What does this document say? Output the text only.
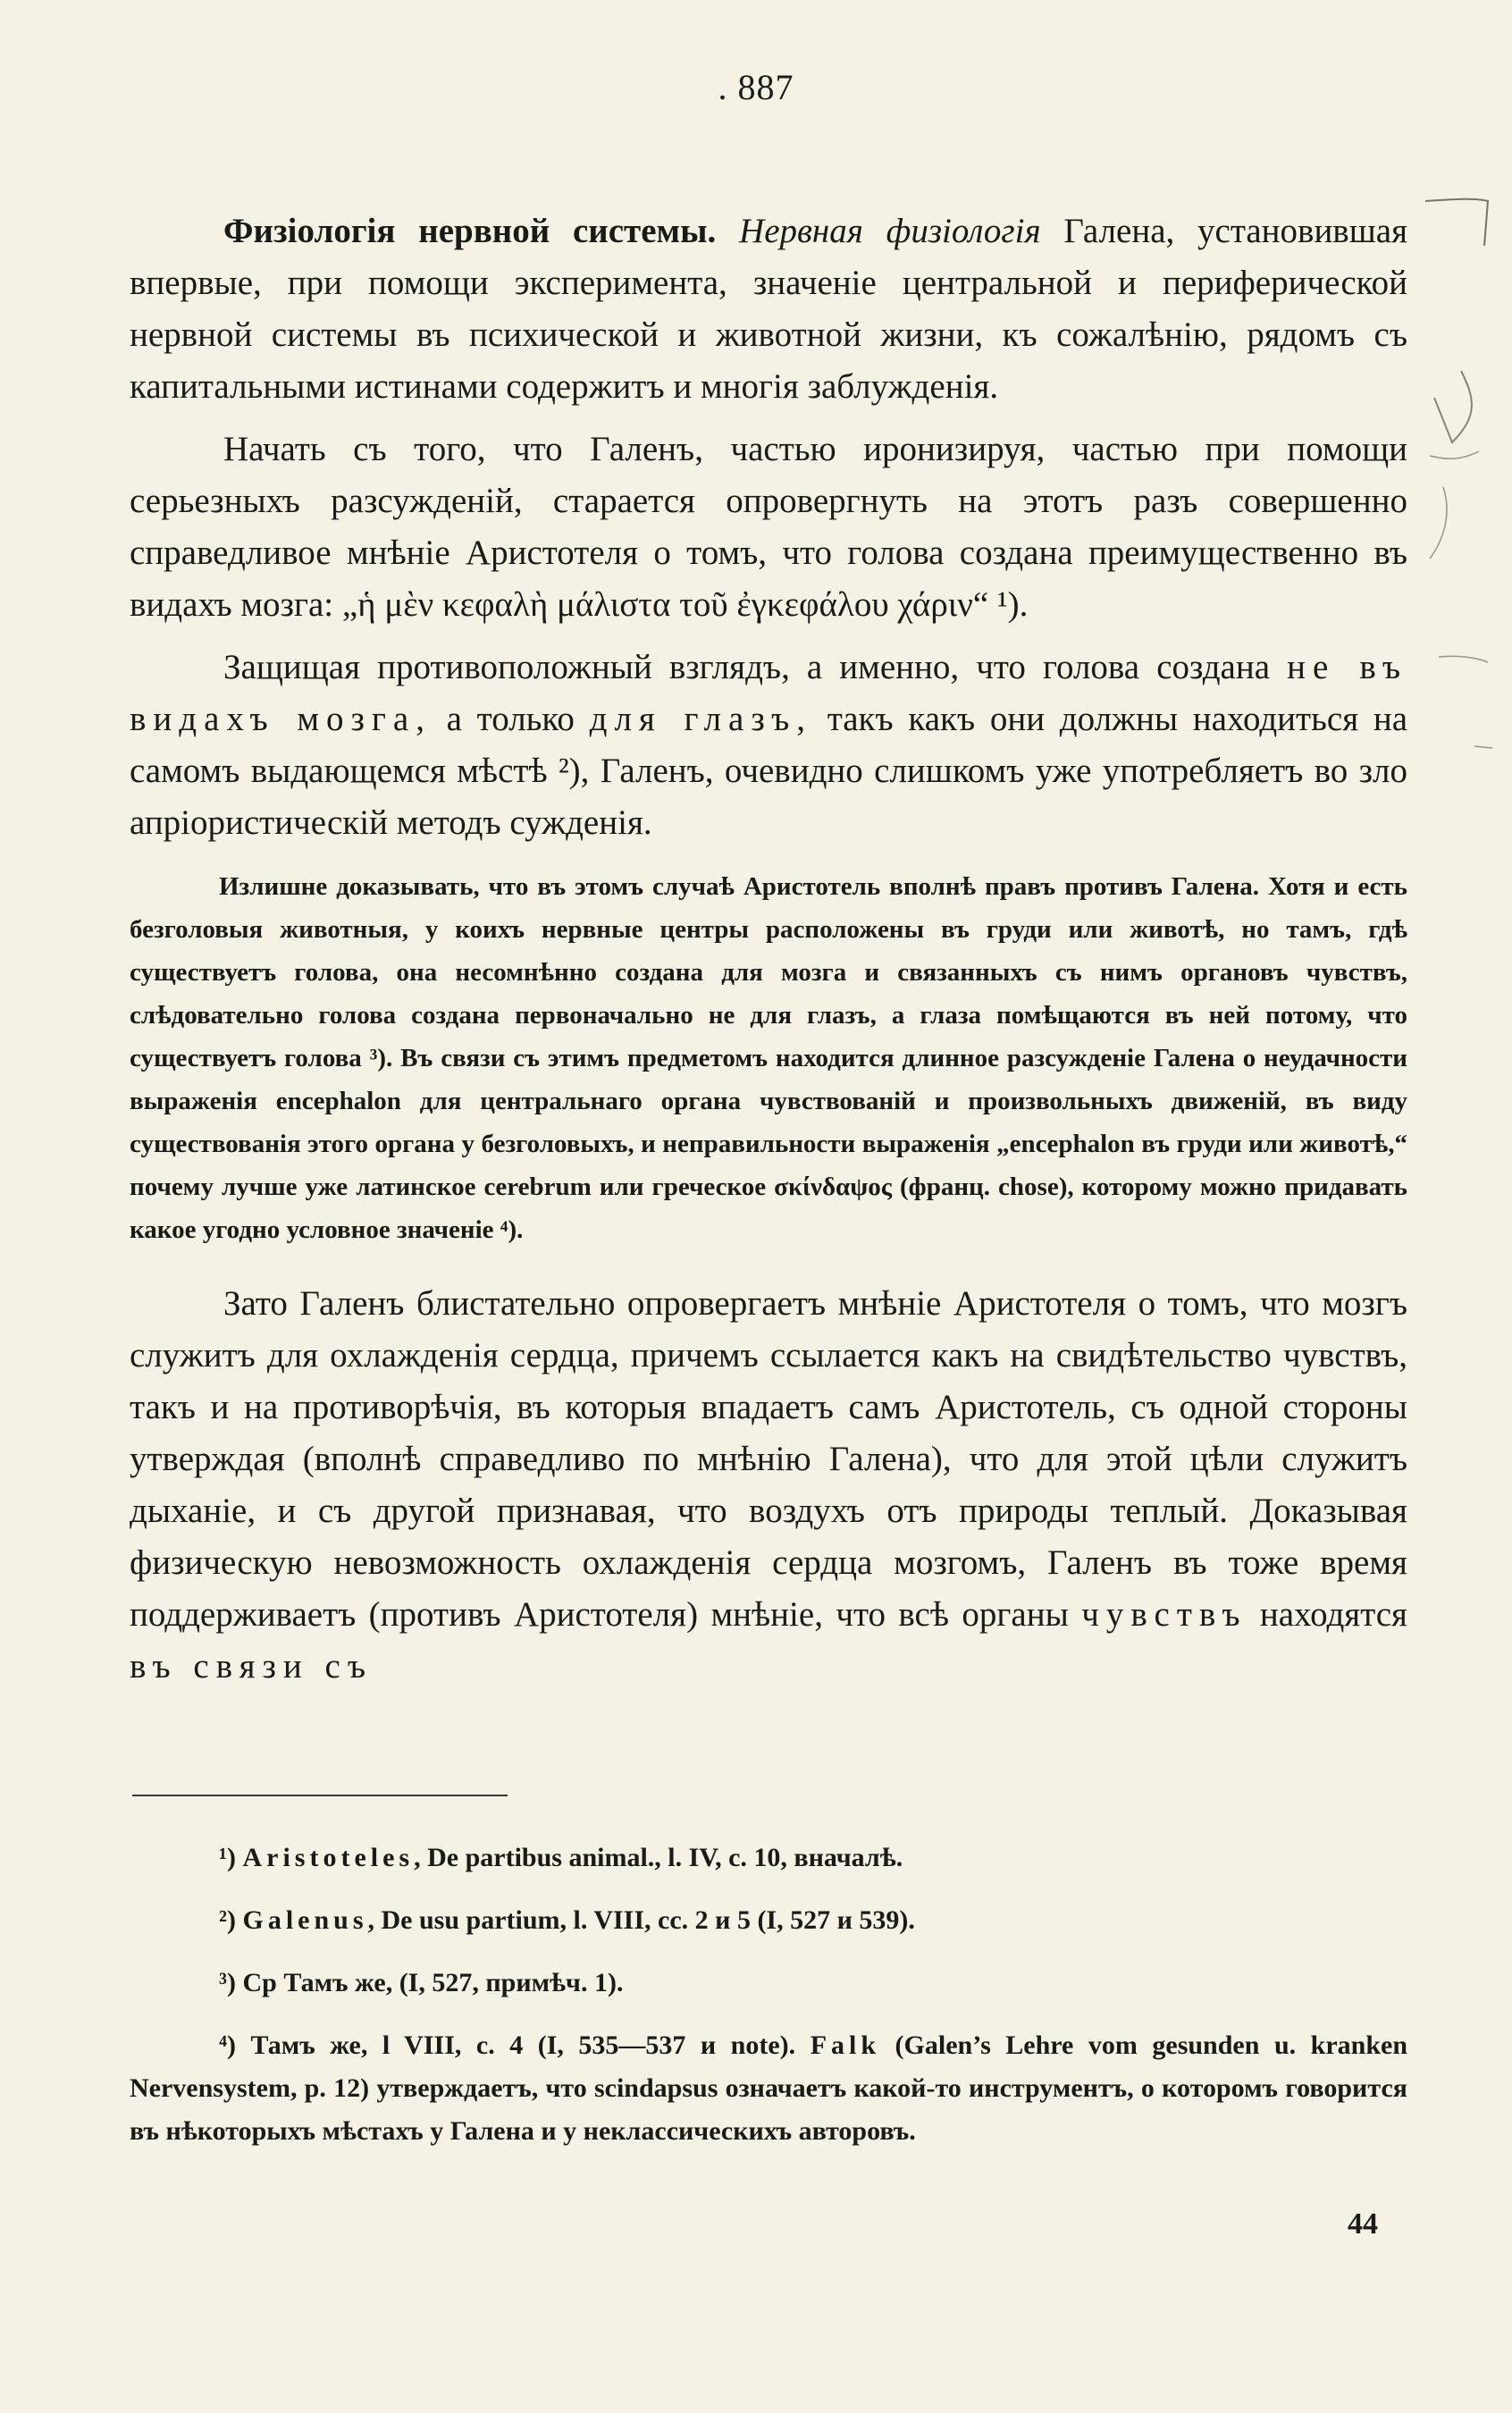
. 887

Физіологія нервной системы. Нервная физіологія Галена, установившая впервые, при помощи эксперимента, значеніе центральной и периферической нервной системы въ психической и животной жизни, къ сожалѣнію, рядомъ съ капитальными истинами содержитъ и многія заблужденія.

Начать съ того, что Галенъ, частью иронизируя, частью при помощи серьезныхъ разсужденій, старается опровергнуть на этотъ разъ совершенно справедливое мнѣніе Аристотеля о томъ, что голова создана преимущественно въ видахъ мозга: „ἡ μὲν κεφαλὴ μάλιστα τοῦ ἐγκεφάλου χάριν“ ¹).

Защищая противоположный взглядъ, а именно, что голова создана не въ видахъ мозга, а только для глазъ, такъ какъ они должны находиться на самомъ выдающемся мѣстѣ ²), Галенъ, очевидно слишкомъ уже употребляетъ во зло апріористическій методъ сужденія.

Излишне доказывать, что въ этомъ случаѣ Аристотель вполнѣ правъ противъ Галена. Хотя и есть безголовыя животныя, у коихъ нервные центры расположены въ груди или животѣ, но тамъ, гдѣ существуетъ голова, она несомнѣнно создана для мозга и связанныхъ съ нимъ органовъ чувствъ, слѣдовательно голова создана первоначально не для глазъ, а глаза помѣщаются въ ней потому, что существуетъ голова ³). Въ связи съ этимъ предметомъ находится длинное разсужденіе Галена о неудачности выраженія encephalon для центральнаго органа чувствованій и произвольныхъ движеній, въ виду существованія этого органа у безголовыхъ, и неправильности выраженія „encephalon въ груди или животѣ,“ почему лучше уже латинское cerebrum или греческое σκίνδαψος (франц. chose), которому можно придавать какое угодно условное значеніе ⁴).

Зато Галенъ блистательно опровергаетъ мнѣніе Аристотеля о томъ, что мозгъ служитъ для охлажденія сердца, причемъ ссылается какъ на свидѣтельство чувствъ, такъ и на противорѣчія, въ которыя впадаетъ самъ Аристотель, съ одной стороны утверждая (вполнѣ справедливо по мнѣнію Галена), что для этой цѣли служитъ дыханіе, и съ другой признавая, что воздухъ отъ природы теплый. Доказывая физическую невозможность охлажденія сердца мозгомъ, Галенъ въ тоже время поддерживаетъ (противъ Аристотеля) мнѣніе, что всѣ органы чувствъ находятся въ связи съ

¹) Aristoteles, De partibus animal., l. IV, c. 10, вначалѣ.

²) Galenus, De usu partium, l. VIII, cc. 2 и 5 (I, 527 и 539).

³) Cp Тамъ же, (I, 527, примѣч. 1).

⁴) Тамъ же, l VIII, c. 4 (I, 535—537 и note). Falk (Galen’s Lehre vom gesunden u. kranken Nervensystem, p. 12) утверждаетъ, что scindapsus означаетъ какой-то инструментъ, о которомъ говорится въ нѣкоторыхъ мѣстахъ у Галена и у неклассическихъ авторовъ.

44
